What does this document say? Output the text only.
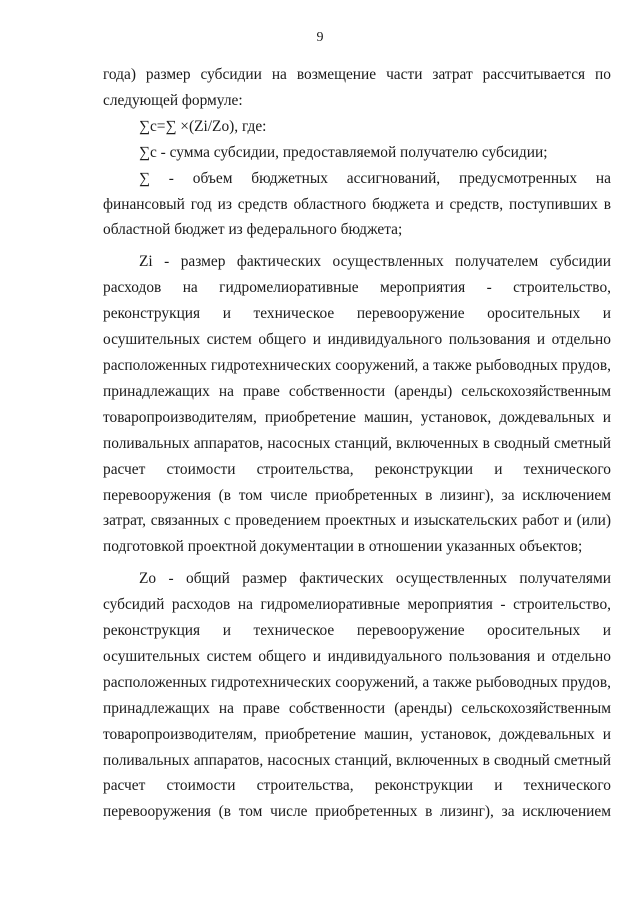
9
года) размер субсидии на возмещение части затрат рассчитывается по
следующей формуле:
∑c=∑ ×(Zi/Zo), где:
∑c - сумма субсидии, предоставляемой получателю субсидии;
∑ - объем бюджетных ассигнований, предусмотренных на
финансовый год из средств областного бюджета и средств, поступивших в
областной бюджет из федерального бюджета;
Zi - размер фактических осуществленных получателем субсидии
расходов на гидромелиоративные мероприятия - строительство,
реконструкция и техническое перевооружение оросительных и
осушительных систем общего и индивидуального пользования и отдельно
расположенных гидротехнических сооружений, а также рыбоводных прудов,
принадлежащих на праве собственности (аренды) сельскохозяйственным
товаропроизводителям, приобретение машин, установок, дождевальных и
поливальных аппаратов, насосных станций, включенных в сводный сметный
расчет стоимости строительства, реконструкции и технического
перевооружения (в том числе приобретенных в лизинг), за исключением
затрат, связанных с проведением проектных и изыскательских работ и (или)
подготовкой проектной документации в отношении указанных объектов;
Zo - общий размер фактических осуществленных получателями
субсидий расходов на гидромелиоративные мероприятия - строительство,
реконструкция и техническое перевооружение оросительных и
осушительных систем общего и индивидуального пользования и отдельно
расположенных гидротехнических сооружений, а также рыбоводных прудов,
принадлежащих на праве собственности (аренды) сельскохозяйственным
товаропроизводителям, приобретение машин, установок, дождевальных и
поливальных аппаратов, насосных станций, включенных в сводный сметный
расчет стоимости строительства, реконструкции и технического
перевооружения (в том числе приобретенных в лизинг), за исключением
